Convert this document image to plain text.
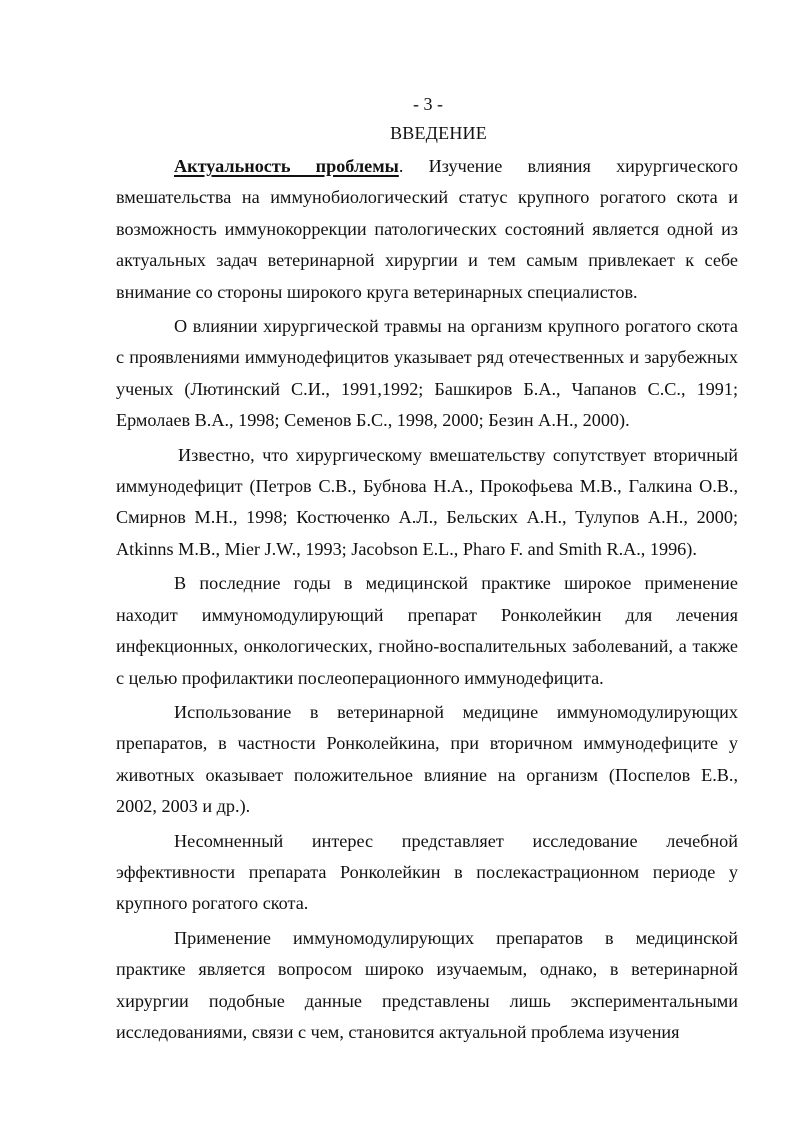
- 3 -
ВВЕДЕНИЕ

Актуальность проблемы. Изучение влияния хирургического вмешательства на иммунобиологический статус крупного рогатого скота и возможность иммунокоррекции патологических состояний является одной из актуальных задач ветеринарной хирургии и тем самым привлекает к себе внимание со стороны широкого круга ветеринарных специалистов.

О влиянии хирургической травмы на организм крупного рогатого скота с проявлениями иммунодефицитов указывает ряд отечественных и зарубежных ученых (Лютинский С.И., 1991,1992; Башкиров Б.А., Чапанов С.С., 1991; Ермолаев В.А., 1998; Семенов Б.С., 1998, 2000; Безин А.Н., 2000).

Известно, что хирургическому вмешательству сопутствует вторичный иммунодефицит (Петров С.В., Бубнова Н.А., Прокофьева М.В., Галкина О.В., Смирнов М.Н., 1998; Костюченко А.Л., Бельских А.Н., Тулупов А.Н., 2000; Atkinns M.B., Mier J.W., 1993; Jacobson E.L., Pharo F. and Smith R.A., 1996).

В последние годы в медицинской практике широкое применение находит иммуномодулирующий препарат Ронколейкин для лечения инфекционных, онкологических, гнойно-воспалительных заболеваний, а также с целью профилактики послеоперационного иммунодефицита.

Использование в ветеринарной медицине иммуномодулирующих препаратов, в частности Ронколейкина, при вторичном иммунодефиците у животных оказывает положительное влияние на организм (Поспелов Е.В., 2002, 2003 и др.).

Несомненный интерес представляет исследование лечебной эффективности препарата Ронколейкин в послекастрационном периоде у крупного рогатого скота.

Применение иммуномодулирующих препаратов в медицинской практике является вопросом широко изучаемым, однако, в ветеринарной хирургии подобные данные представлены лишь экспериментальными исследованиями, связи с чем, становится актуальной проблема изучения
